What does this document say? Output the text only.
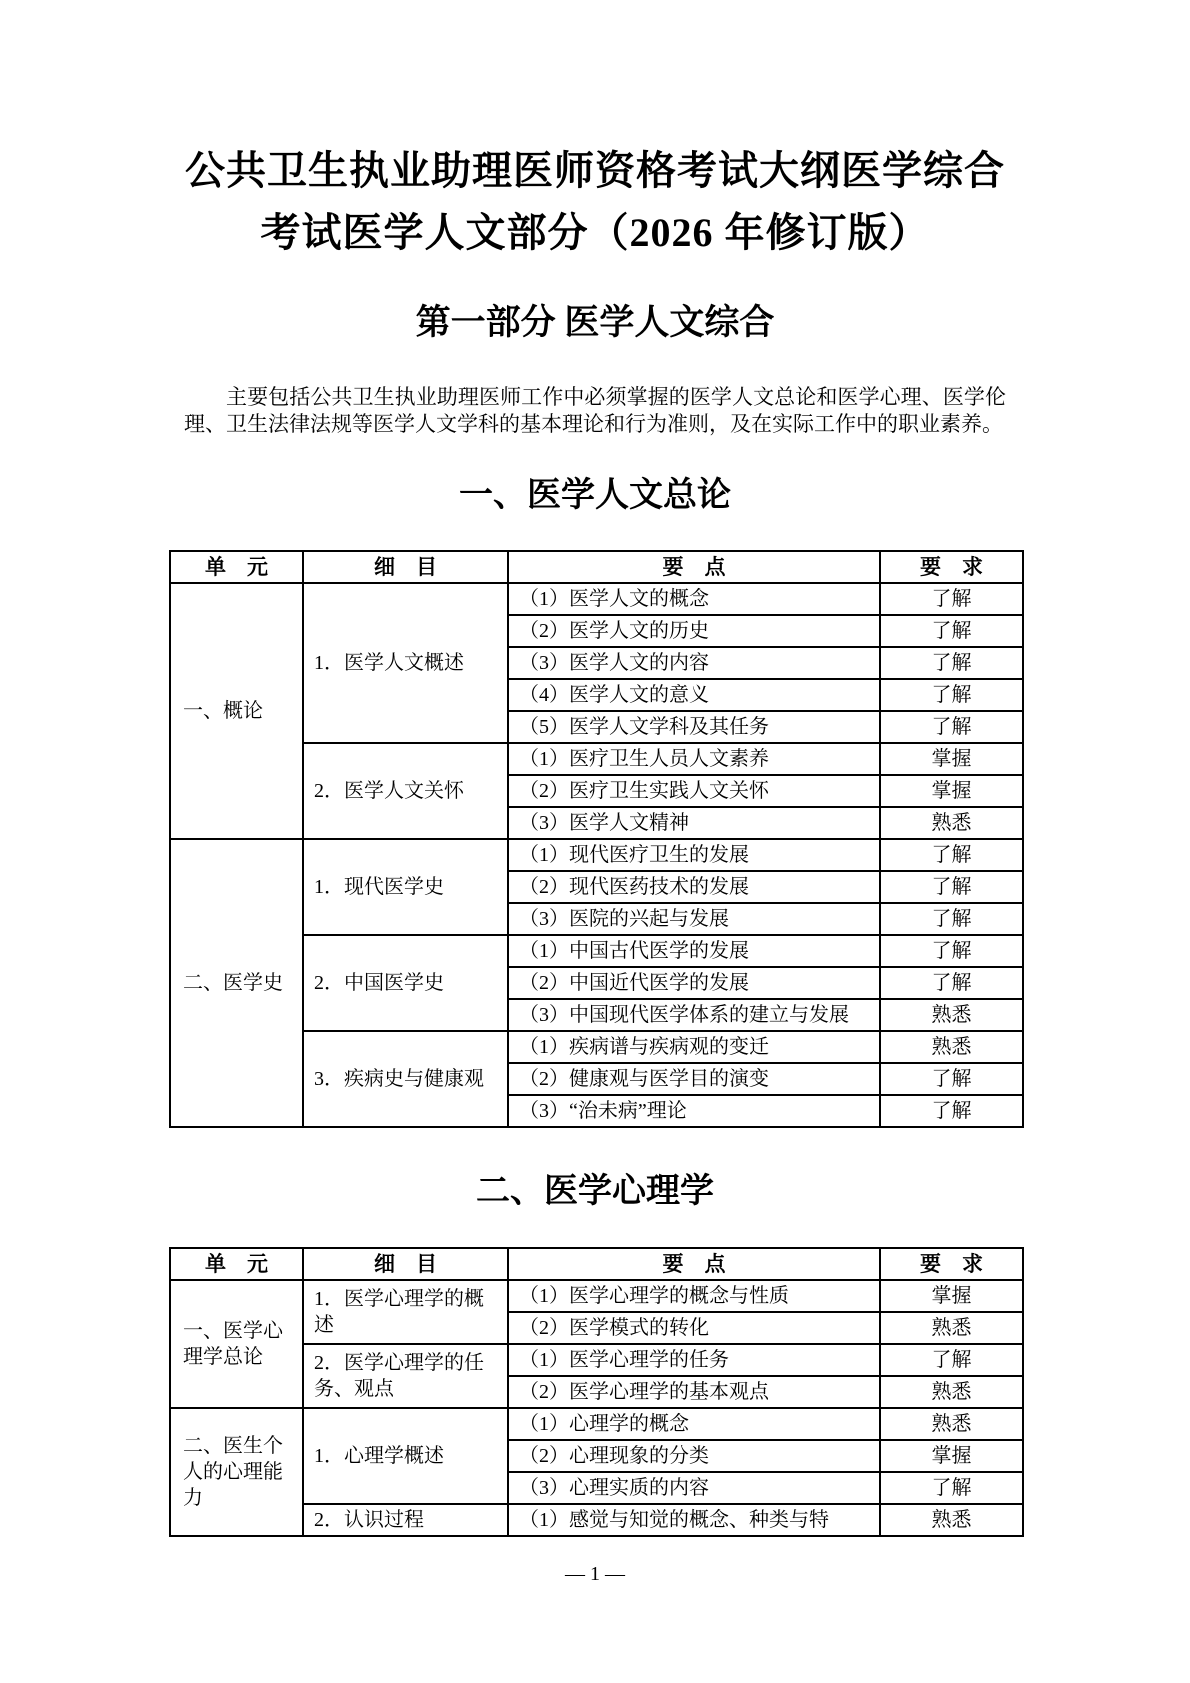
公共卫生执业助理医师资格考试大纲医学综合
考试医学人文部分（2026 年修订版）
第一部分 医学人文综合

主要包括公共卫生执业助理医师工作中必须掌握的医学人文总论和医学心理、医学伦理、卫生法律法规等医学人文学科的基本理论和行为准则，及在实际工作中的职业素养。

一、医学人文总论
单　元	细　目	要　点	要　求
一、概论	1．医学人文概述	（1）医学人文的概念	了解
		（2）医学人文的历史	了解
		（3）医学人文的内容	了解
		（4）医学人文的意义	了解
		（5）医学人文学科及其任务	了解
	2．医学人文关怀	（1）医疗卫生人员人文素养	掌握
		（2）医疗卫生实践人文关怀	掌握
		（3）医学人文精神	熟悉
二、医学史	1．现代医学史	（1）现代医疗卫生的发展	了解
		（2）现代医药技术的发展	了解
		（3）医院的兴起与发展	了解
	2．中国医学史	（1）中国古代医学的发展	了解
		（2）中国近代医学的发展	了解
		（3）中国现代医学体系的建立与发展	熟悉
	3．疾病史与健康观	（1）疾病谱与疾病观的变迁	熟悉
		（2）健康观与医学目的演变	了解
		（3）“治未病”理论	了解
二、医学心理学
单　元	细　目	要　点	要　求
一、医学心理学总论	1．医学心理学的概述	（1）医学心理学的概念与性质	掌握
		（2）医学模式的转化	熟悉
	2．医学心理学的任务、观点	（1）医学心理学的任务	了解
		（2）医学心理学的基本观点	熟悉
二、医生个人的心理能力	1．心理学概述	（1）心理学的概念	熟悉
		（2）心理现象的分类	掌握
		（3）心理实质的内容	了解
	2．认识过程	（1）感觉与知觉的概念、种类与特	熟悉
— 1 —
